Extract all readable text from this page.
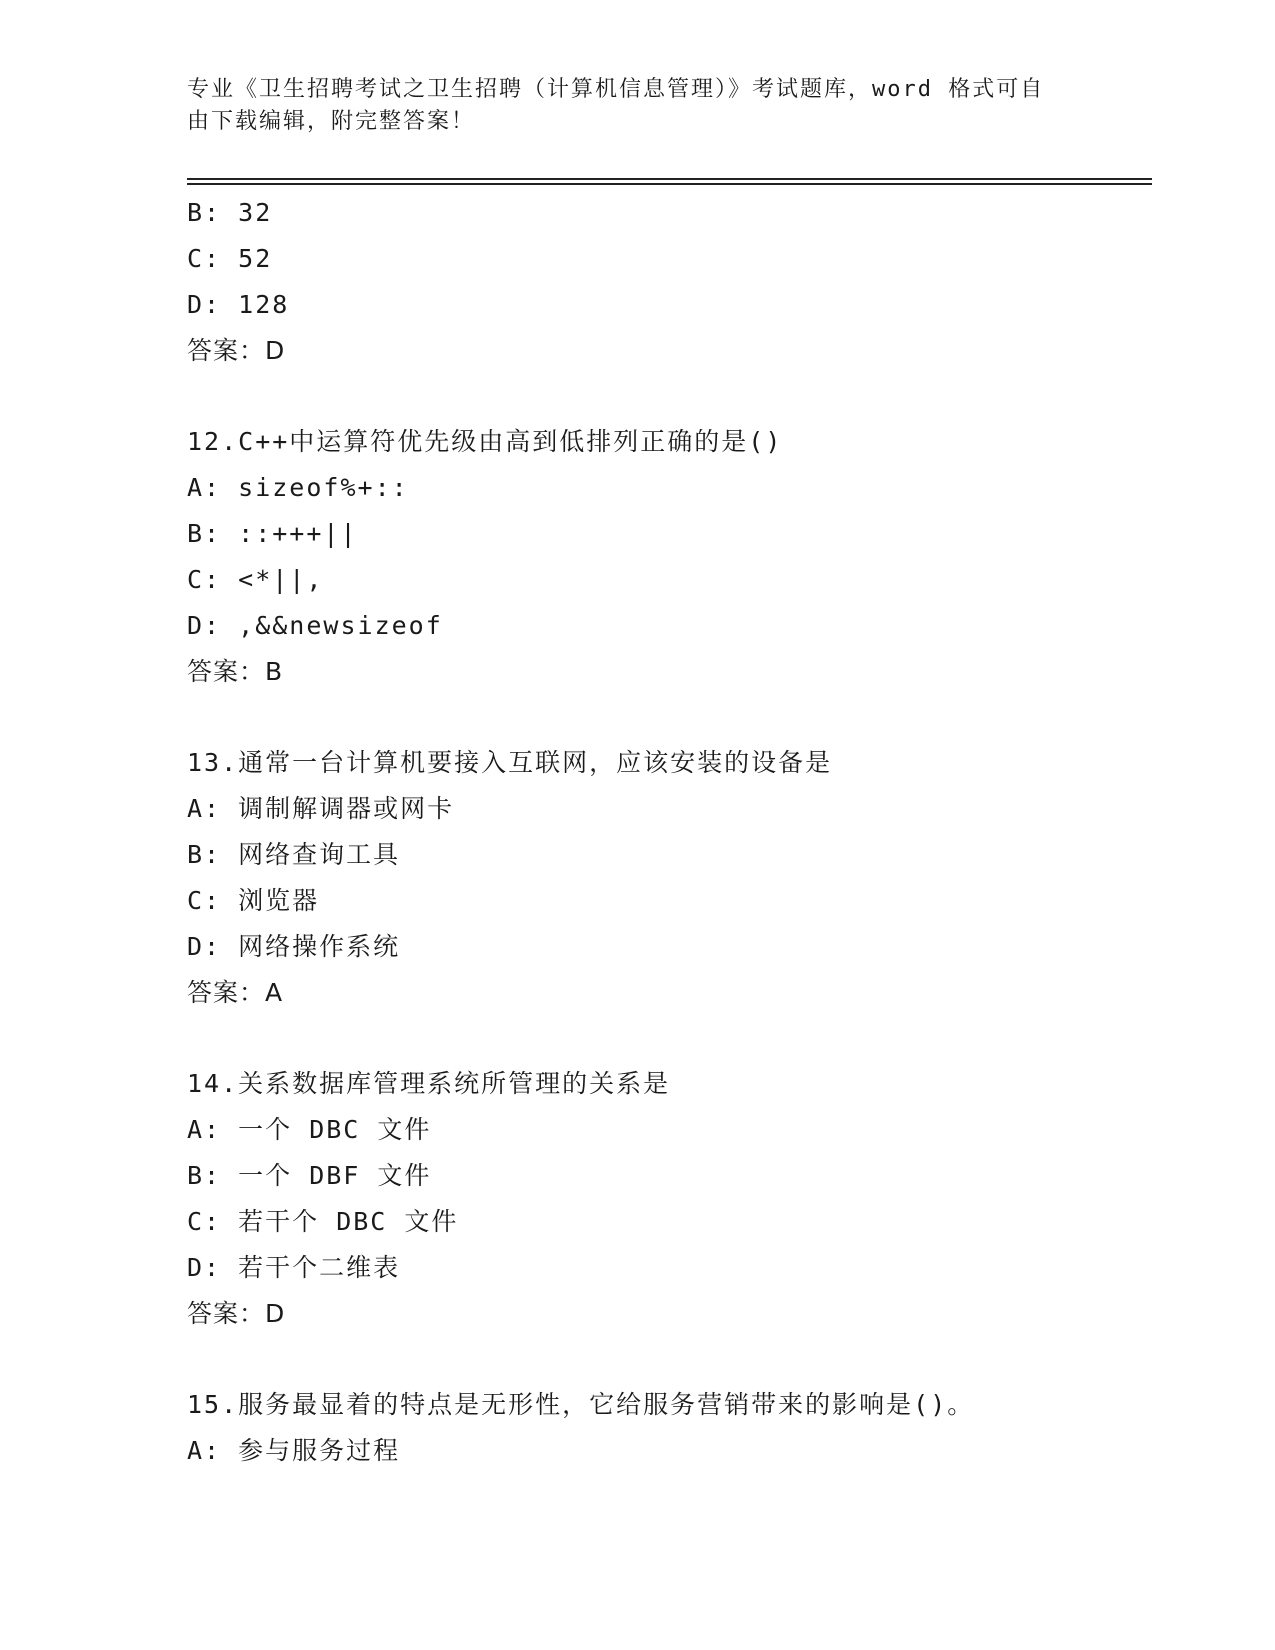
专业《卫生招聘考试之卫生招聘（计算机信息管理）》考试题库，word 格式可自
由下载编辑，附完整答案！
B: 32
C: 52
D: 128
答案：D
12.C++中运算符优先级由高到低排列正确的是()
A: sizeof%+::
B: ::+++||
C: <*||,
D: ,&&newsizeof
答案：B
13.通常一台计算机要接入互联网，应该安装的设备是
A: 调制解调器或网卡
B: 网络查询工具
C: 浏览器
D: 网络操作系统
答案：A
14.关系数据库管理系统所管理的关系是
A: 一个 DBC 文件
B: 一个 DBF 文件
C: 若干个 DBC 文件
D: 若干个二维表
答案：D
15.服务最显着的特点是无形性，它给服务营销带来的影响是()。
A: 参与服务过程
